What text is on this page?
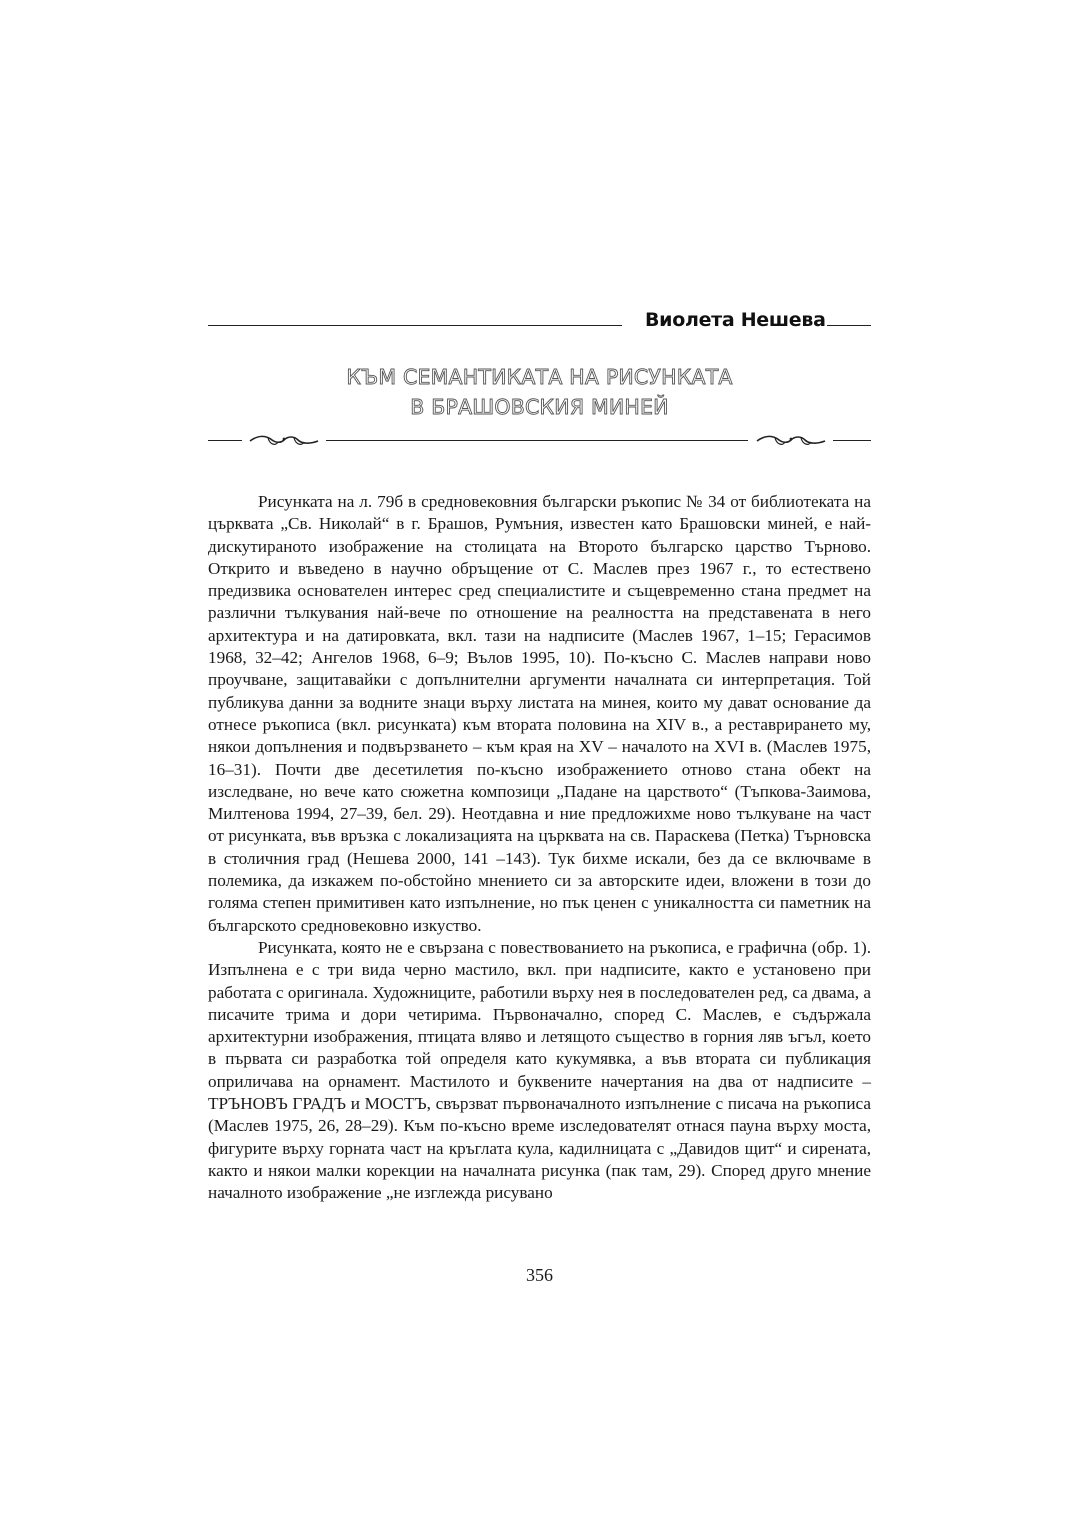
Виолета Нешева
КЪМ СЕМАНТИКАТА НА РИСУНКАТА
В БРАШОВСКИЯ МИНЕЙ

Рисунката на л. 79б в средновековния български ръкопис № 34 от библиотеката на църквата „Св. Николай“ в г. Брашов, Румъния, известен като Брашовски миней, е най-дискутираното изображение на столицата на Второто българско царство Търново. Открито и въведено в научно обръщение от С. Маслев през 1967 г., то естествено предизвика основателен интерес сред специалистите и същевременно стана предмет на различни тълкувания най-вече по отношение на реалността на представената в него архитектура и на датировката, вкл. тази на надписите (Маслев 1967, 1–15; Герасимов 1968, 32–42; Ангелов 1968, 6–9; Вълов 1995, 10). По-късно С. Маслев направи ново проучване, защитавайки с допълнителни аргументи началната си интерпретация. Той публикува данни за водните знаци върху листата на минея, които му дават основание да отнесе ръкописа (вкл. рисунката) към втората половина на XIV в., а реставрирането му, някои допълнения и подвързването – към края на XV – началото на XVI в. (Маслев 1975, 16–31). Почти две десетилетия по-късно изображението отново стана обект на изследване, но вече като сюжетна композици „Падане на царството“ (Тъпкова-Заимова, Милтенова 1994, 27–39, бел. 29). Неотдавна и ние предложихме ново тълкуване на част от рисунката, във връзка с локализацията на църквата на св. Параскева (Петка) Търновска в столичния град (Нешева 2000, 141 –143). Тук бихме искали, без да се включваме в полемика, да изкажем по-обстойно мнението си за авторските идеи, вложени в този до голяма степен примитивен като изпълнение, но пък ценен с уникалността си паметник на българското средновековно изкуство.

Рисунката, която не е свързана с повествованието на ръкописа, е графична (обр. 1). Изпълнена е с три вида черно мастило, вкл. при надписите, както е установено при работата с оригинала. Художниците, работили върху нея в последователен ред, са двама, а писачите трима и дори четирима. Първоначално, според С. Маслев, е съдържала архитектурни изображения, птицата вляво и летящото същество в горния ляв ъгъл, което в първата си разработка той определя като кукумявка, а във втората си публикация оприличава на орнамент. Мастилото и буквените начертания на два от надписите – ТРЪНОВЪ ГРАДЪ и МОСТЪ, свързват първоначалното изпълнение с писача на ръкописа (Маслев 1975, 26, 28–29). Към по-късно време изследователят отнася пауна върху моста, фигурите върху горната част на кръглата кула, кадилницата с „Давидов щит“ и сирената, както и някои малки корекции на началната рисунка (пак там, 29). Според друго мнение началното изображение „не изглежда рисувано

356
